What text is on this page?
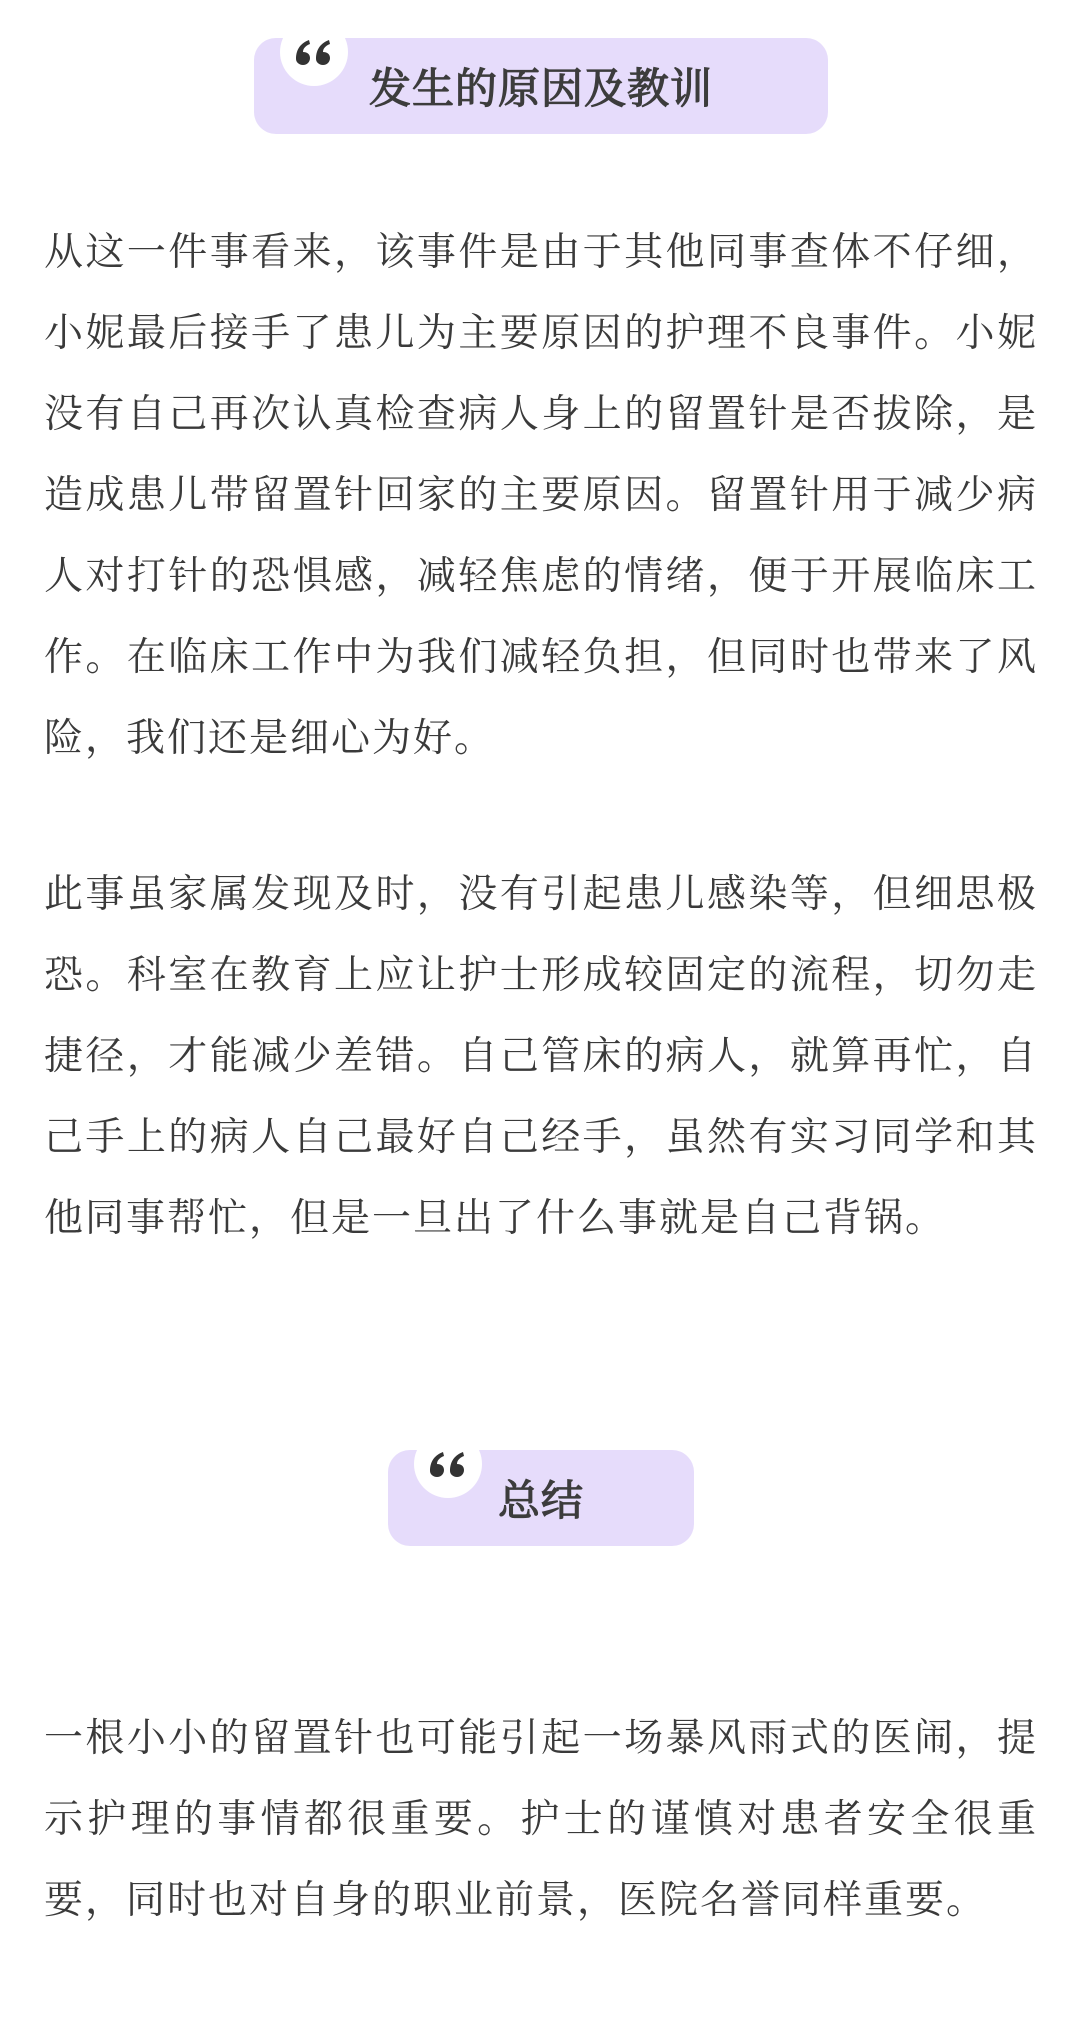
发生的原因及教训

从这一件事看来，该事件是由于其他同事查体不仔细，小妮最后接手了患儿为主要原因的护理不良事件。小妮没有自己再次认真检查病人身上的留置针是否拔除，是造成患儿带留置针回家的主要原因。留置针用于减少病人对打针的恐惧感，减轻焦虑的情绪，便于开展临床工作。在临床工作中为我们减轻负担，但同时也带来了风险，我们还是细心为好。

此事虽家属发现及时，没有引起患儿感染等，但细思极恐。科室在教育上应让护士形成较固定的流程，切勿走捷径，才能减少差错。自己管床的病人，就算再忙，自己手上的病人自己最好自己经手，虽然有实习同学和其他同事帮忙，但是一旦出了什么事就是自己背锅。

总结

一根小小的留置针也可能引起一场暴风雨式的医闹，提示护理的事情都很重要。护士的谨慎对患者安全很重要，同时也对自身的职业前景，医院名誉同样重要。
